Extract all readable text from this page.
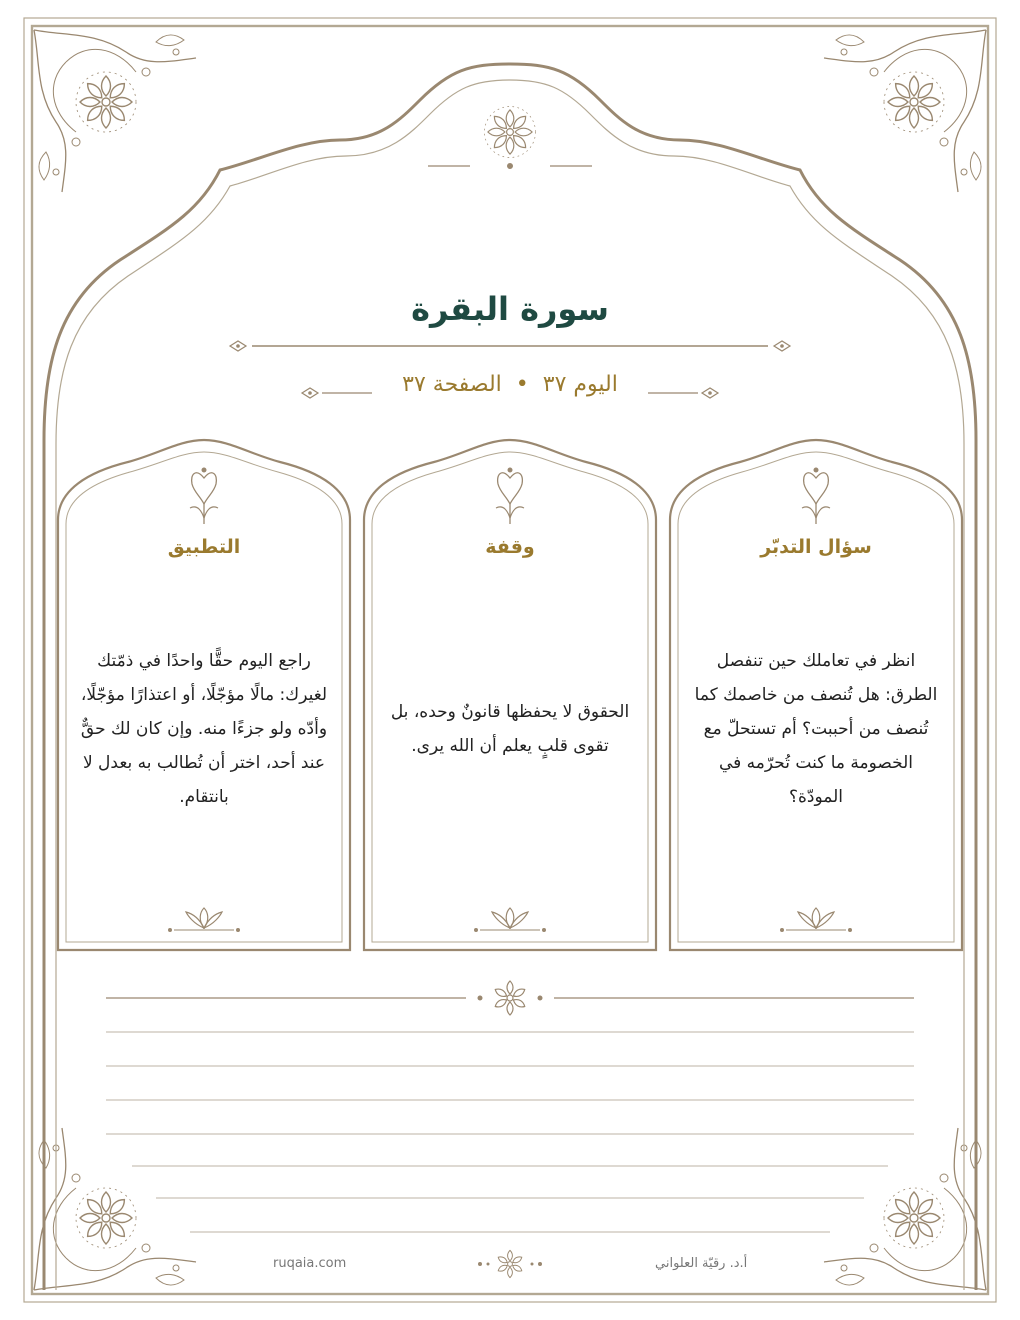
سورة البقرة
اليوم ٣٧•الصفحة ٣٧
سؤال التدبّر
وقفة
التطبيق
انظر في تعاملك حين تنفصل الطرق: هل تُنصف من خاصمك كما تُنصف من أحببت؟ أم تستحلّ مع الخصومة ما كنت تُحرّمه في المودّة؟
الحقوق لا يحفظها قانونٌ وحده، بل تقوى قلبٍ يعلم أن الله يرى.
راجع اليوم حقًّا واحدًا في ذمّتك لغيرك: مالًا مؤجّلًا، أو اعتذارًا مؤجّلًا، وأدّه ولو جزءًا منه. وإن كان لك حقٌّ عند أحد، اختر أن تُطالب به بعدل لا بانتقام.
ruqaia.com	أ.د. رقيّة العلواني
